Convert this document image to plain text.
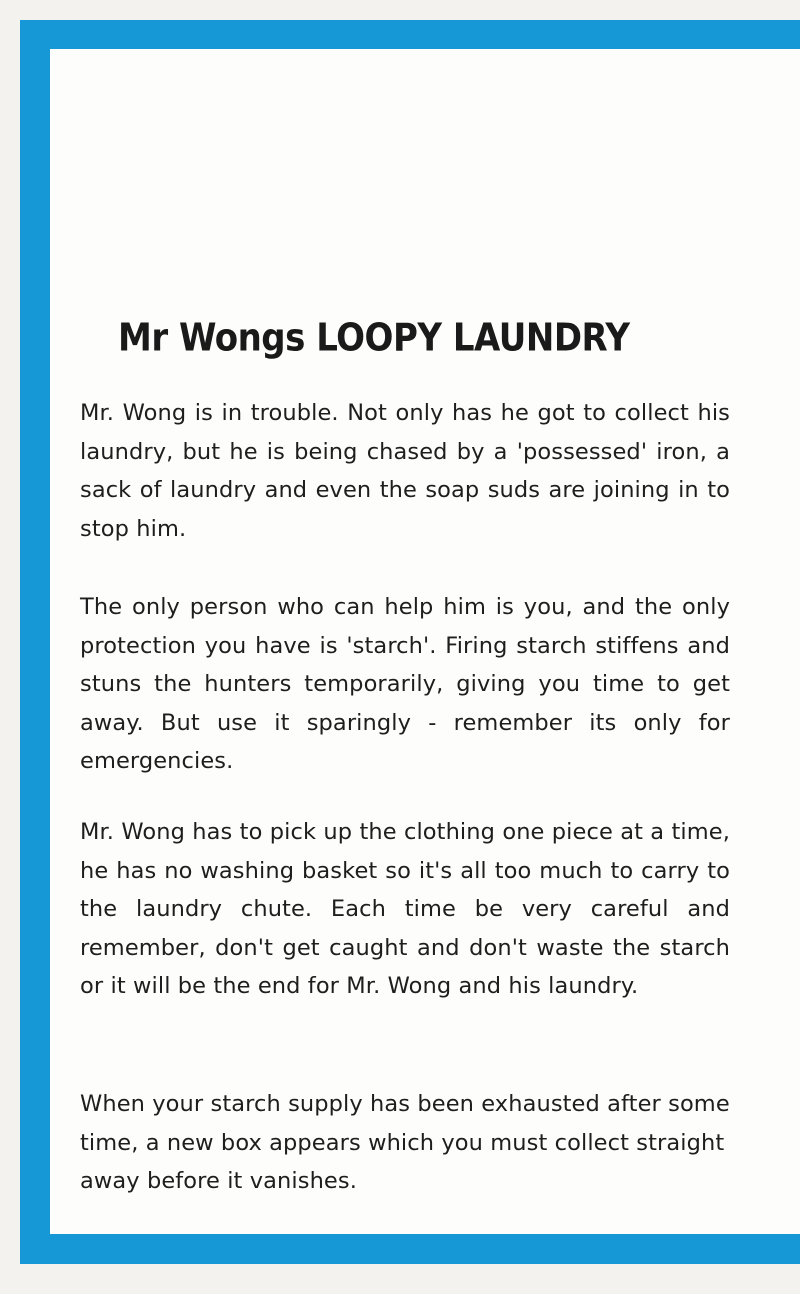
Mr Wongs LOOPY LAUNDRY

Mr. Wong is in trouble. Not only has he got to collect his laundry, but he is being chased by a 'possessed' iron, a sack of laundry and even the soap suds are joining in to stop him.

The only person who can help him is you, and the only protection you have is 'starch'. Firing starch stiffens and stuns the hunters temporarily, giving you time to get away. But use it sparingly - remember its only for emergencies.

Mr. Wong has to pick up the clothing one piece at a time, he has no washing basket so it's all too much to carry to the laundry chute. Each time be very careful and remember, don't get caught and don't waste the starch or it will be the end for Mr. Wong and his laundry.

When your starch supply has been exhausted after some time, a new box appears which you must collect straight away before it vanishes.
